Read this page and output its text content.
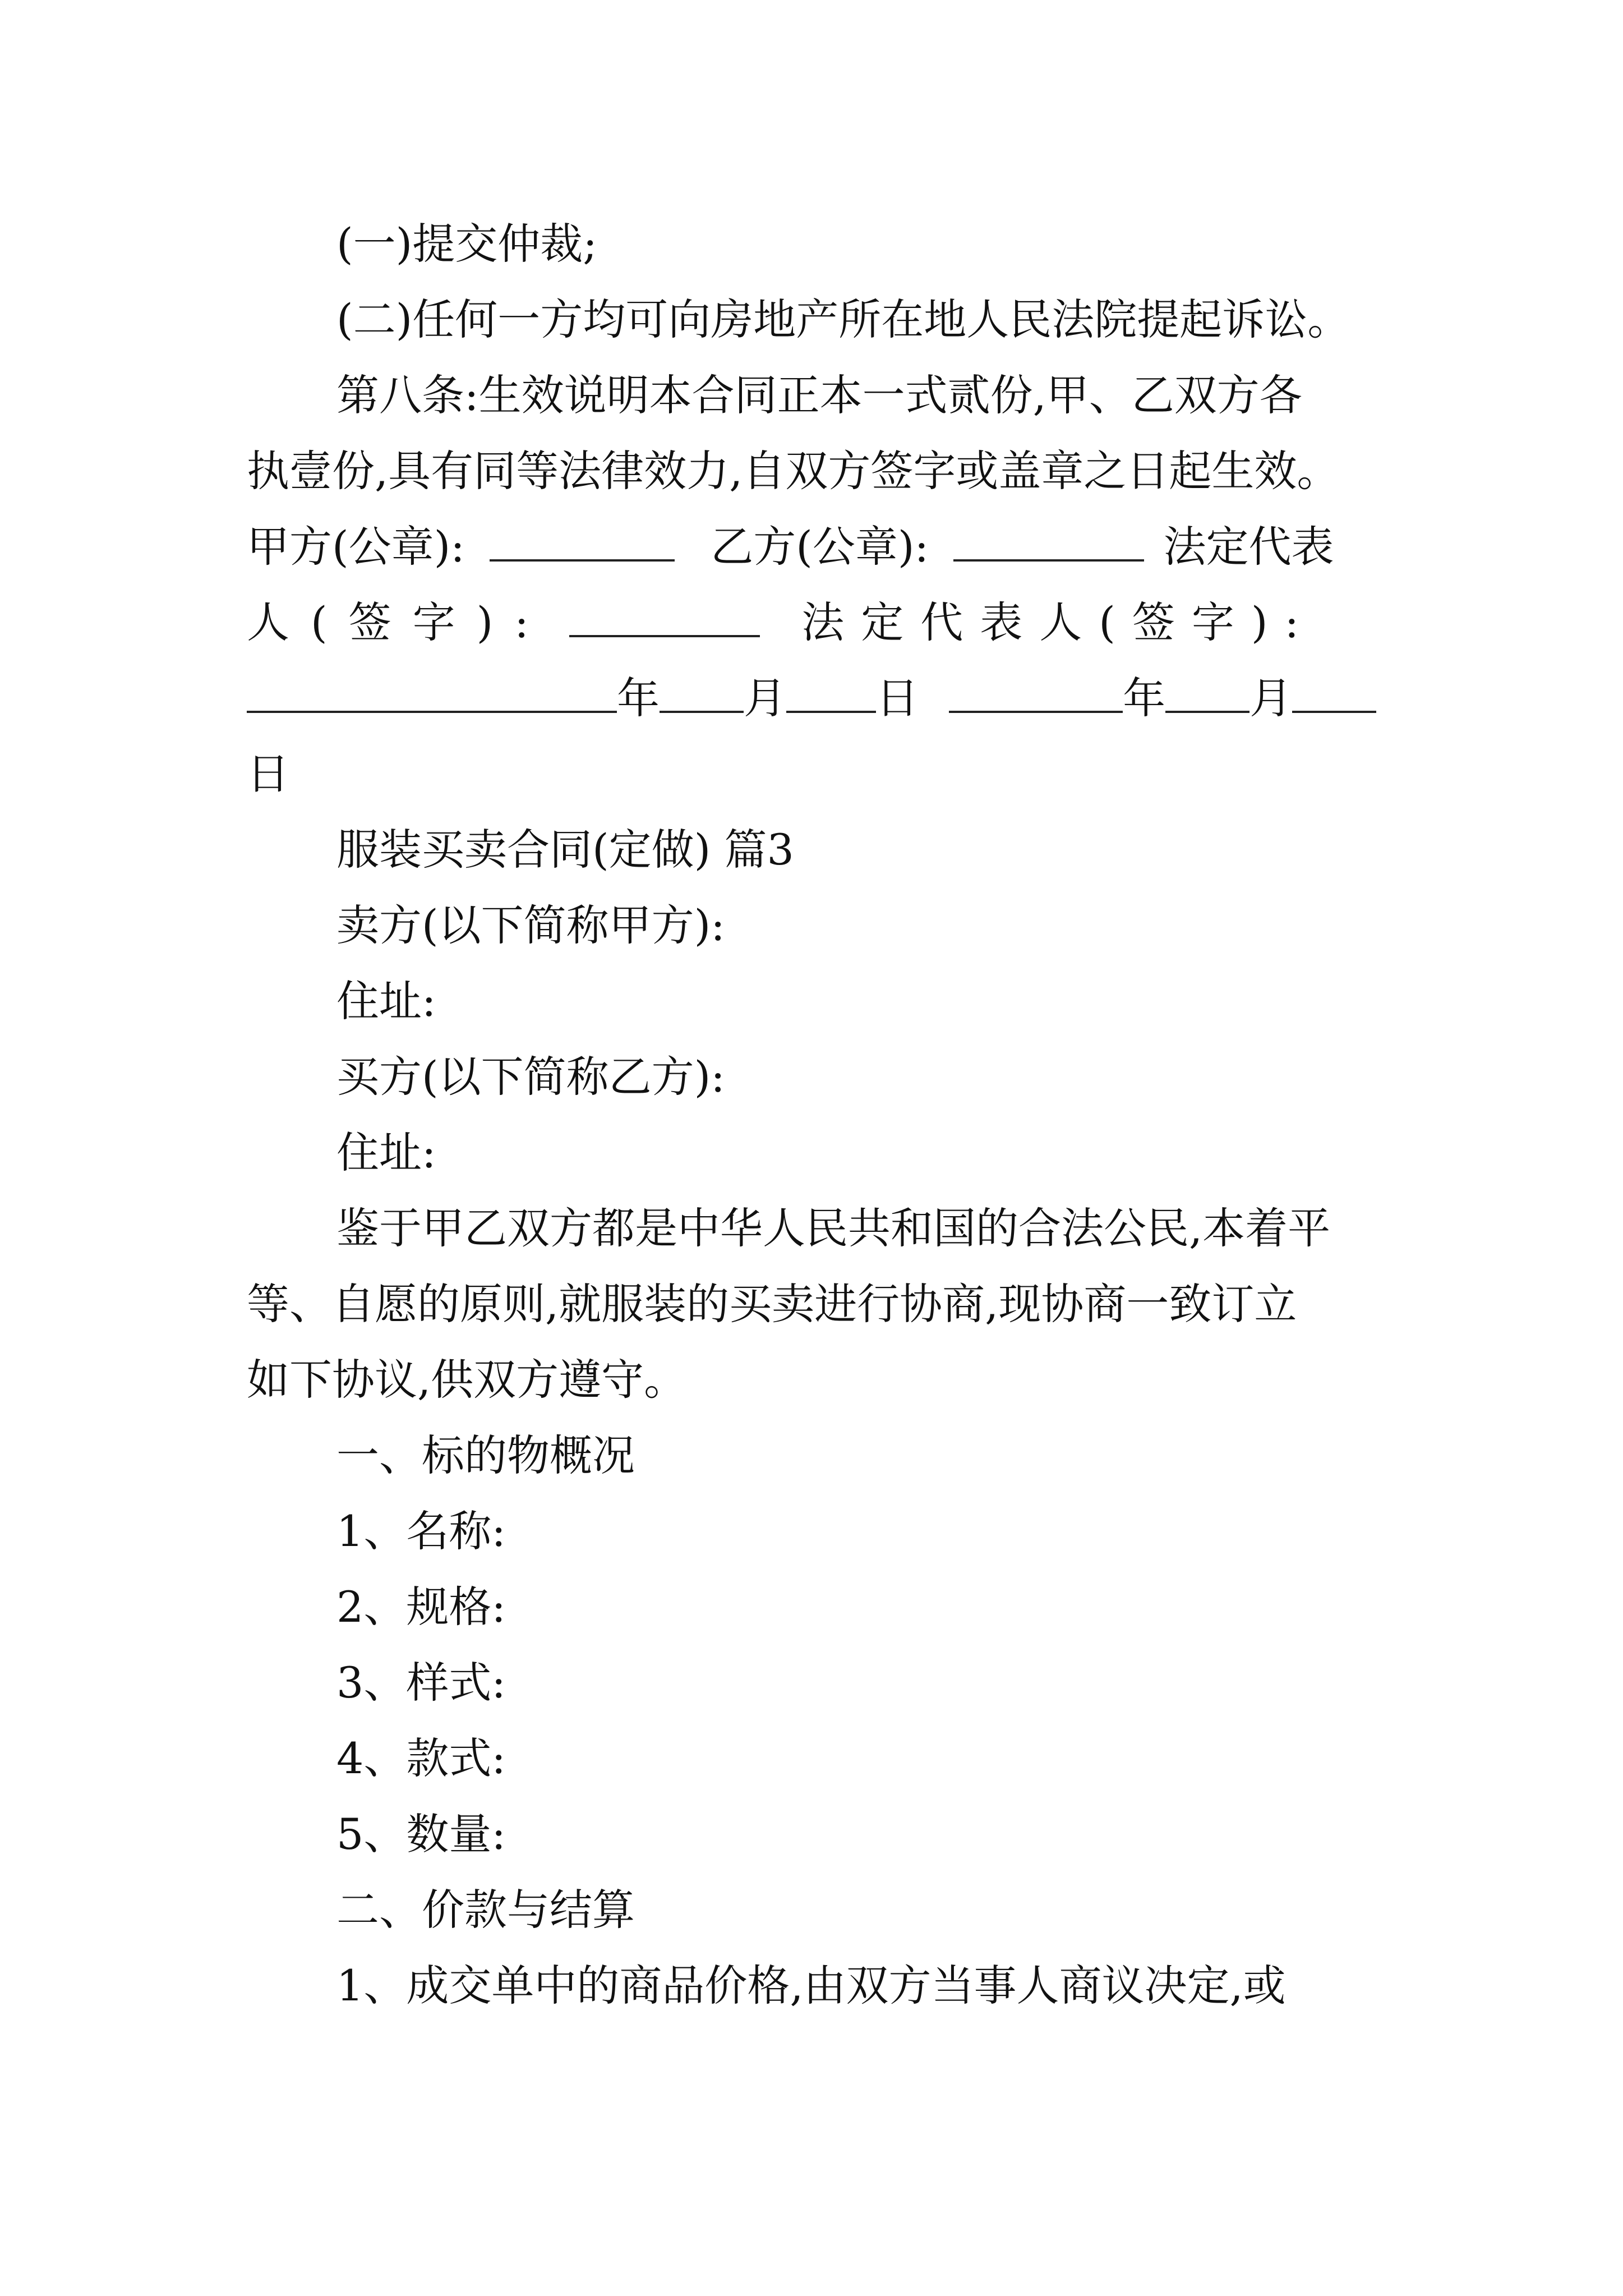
(一)提交仲裁;
(二)任何一方均可向房地产所在地人民法院提起诉讼。
第八条:生效说明本合同正本一式贰份,甲、乙双方各
执壹份,具有同等法律效力,自双方签字或盖章之日起生效。
甲方(公章):	乙方(公章):	法定代表
人(签字):	法定代表人(签字):
年 月 日	年 月
日
服装买卖合同(定做) 篇3
卖方(以下简称甲方):
住址:
买方(以下简称乙方):
住址:
鉴于甲乙双方都是中华人民共和国的合法公民,本着平
等、自愿的原则,就服装的买卖进行协商,现协商一致订立
如下协议,供双方遵守。
一、标的物概况
1、名称:
2、规格:
3、样式:
4、款式:
5、数量:
二、价款与结算
1、成交单中的商品价格,由双方当事人商议决定,或
